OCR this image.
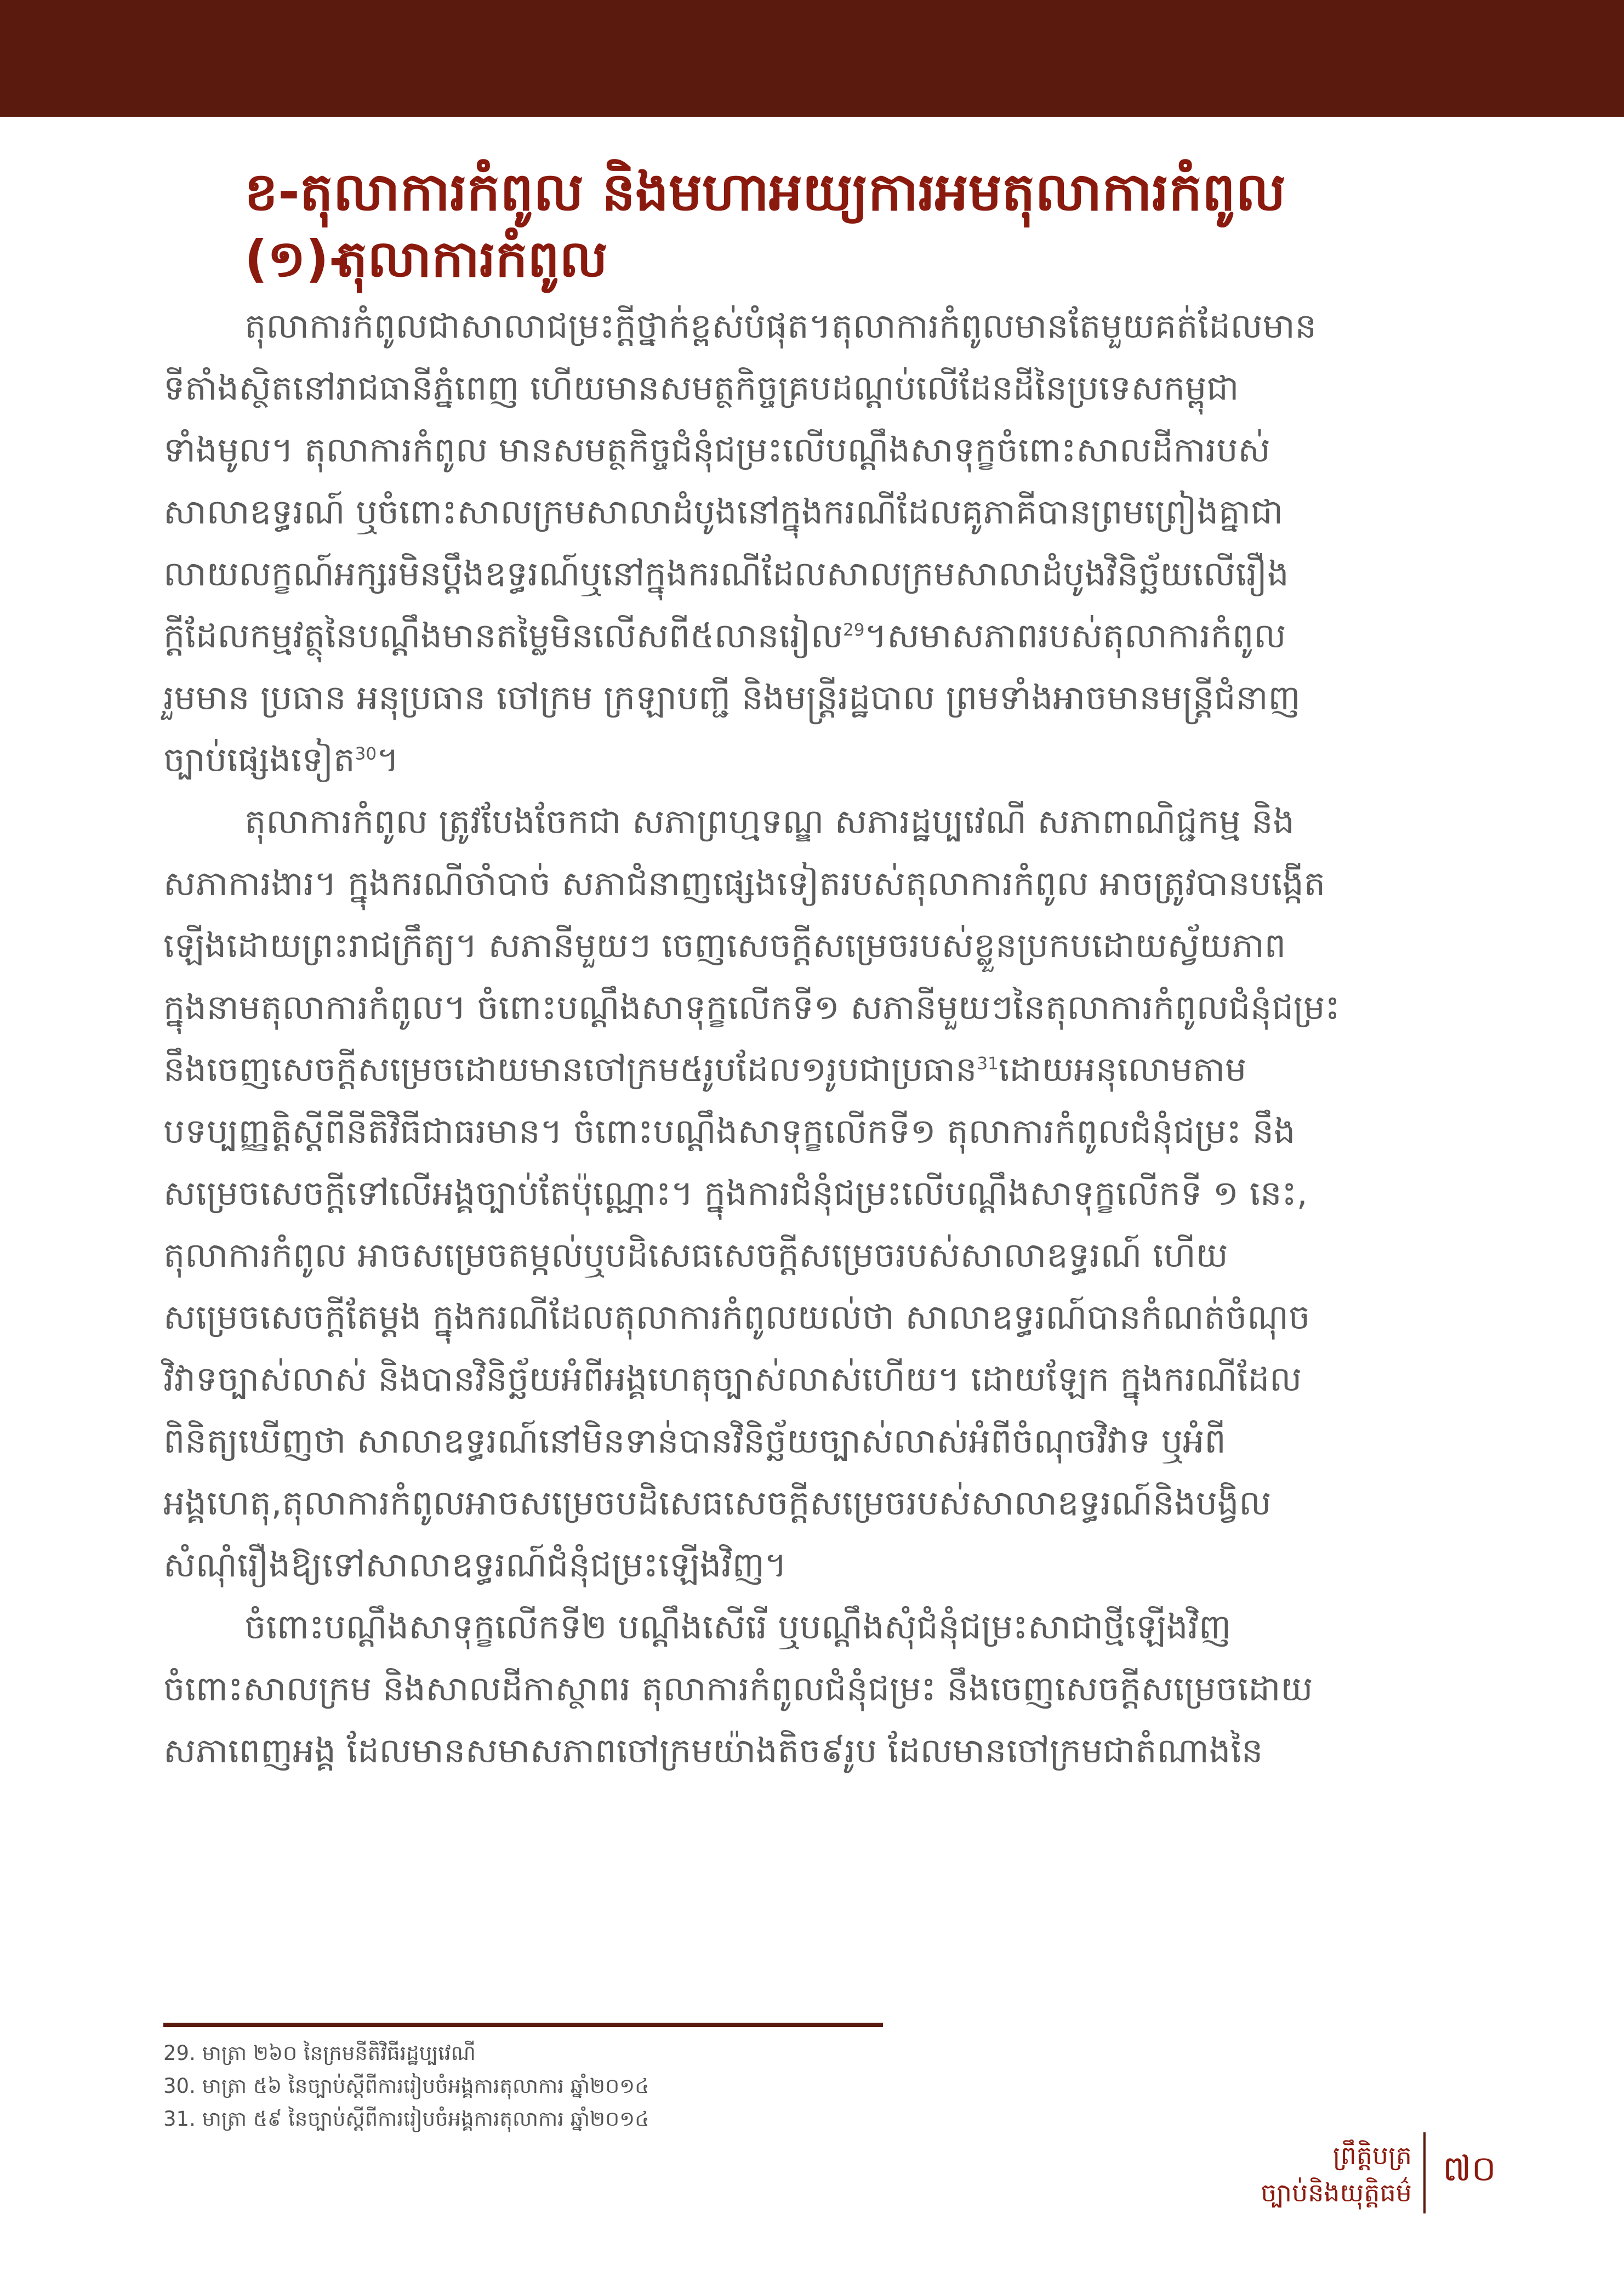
ខ-តុលាការកំពូល និងមហាអយ្យការអមតុលាការកំពូល
(១)-
តុលាការកំពូល
តុលាការកំពូលជាសាលាជម្រះក្តីថ្នាក់ខ្ពស់បំផុត។តុលាការកំពូលមានតែមួយគត់ដែលមាន
ទីតាំងស្ថិតនៅរាជធានីភ្នំពេញ ហើយមានសមត្ថកិច្ចគ្របដណ្តប់លើដែនដីនៃប្រទេសកម្ពុជា
ទាំងមូល។ តុលាការកំពូល មានសមត្ថកិច្ចជំនុំជម្រះលើបណ្តឹងសាទុក្ខចំពោះសាលដីការបស់
សាលាឧទ្ធរណ៍ ឬចំពោះសាលក្រមសាលាដំបូងនៅក្នុងករណីដែលគូភាគីបានព្រមព្រៀងគ្នាជា
លាយលក្ខណ៍អក្សរមិនប្តឹងឧទ្ធរណ៍ឬនៅក្នុងករណីដែលសាលក្រមសាលាដំបូងវិនិច្ឆ័យលើរឿង
ក្តីដែលកម្មវត្ថុនៃបណ្តឹងមានតម្លៃមិនលើសពី៥លានរៀល$^{29}$។សមាសភាពរបស់តុលាការកំពូល
រួមមាន ប្រធាន អនុប្រធាន ចៅក្រម ក្រឡាបញ្ជី និងមន្ត្រីរដ្ឋបាល ព្រមទាំងអាចមានមន្ត្រីជំនាញ
ច្បាប់ផ្សេងទៀត$^{30}$។
តុលាការកំពូល ត្រូវបែងចែកជា សភាព្រហ្មទណ្ឌ សភារដ្ឋប្បវេណី សភាពាណិជ្ជកម្ម និង
សភាការងារ។ ក្នុងករណីចាំបាច់ សភាជំនាញផ្សេងទៀតរបស់តុលាការកំពូល អាចត្រូវបានបង្កើត
ឡើងដោយព្រះរាជក្រឹត្យ។ សភានីមួយៗ ចេញសេចក្តីសម្រេចរបស់ខ្លួនប្រកបដោយស្វ័យភាព
ក្នុងនាមតុលាការកំពូល។ ចំពោះបណ្តឹងសាទុក្ខលើកទី១ សភានីមួយៗនៃតុលាការកំពូលជំនុំជម្រះ
នឹងចេញសេចក្តីសម្រេចដោយមានចៅក្រម៥រូបដែល១រូបជាប្រធាន$^{31}$ដោយអនុលោមតាម
បទប្បញ្ញត្តិស្តីពីនីតិវិធីជាធរមាន។ ចំពោះបណ្តឹងសាទុក្ខលើកទី១ តុលាការកំពូលជំនុំជម្រះ នឹង
សម្រេចសេចក្តីទៅលើអង្គច្បាប់តែប៉ុណ្ណោះ។ ក្នុងការជំនុំជម្រះលើបណ្តឹងសាទុក្ខលើកទី ១ នេះ,
តុលាការកំពូល អាចសម្រេចតម្កល់ឬបដិសេធសេចក្តីសម្រេចរបស់សាលាឧទ្ធរណ៍ ហើយ
សម្រេចសេចក្តីតែម្តង ក្នុងករណីដែលតុលាការកំពូលយល់ថា សាលាឧទ្ធរណ៍បានកំណត់ចំណុច
វិវាទច្បាស់លាស់ និងបានវិនិច្ឆ័យអំពីអង្គហេតុច្បាស់លាស់ហើយ។ ដោយឡែក ក្នុងករណីដែល
ពិនិត្យឃើញថា សាលាឧទ្ធរណ៍នៅមិនទាន់បានវិនិច្ឆ័យច្បាស់លាស់អំពីចំណុចវិវាទ ឬអំពី
អង្គហេតុ,តុលាការកំពូលអាចសម្រេចបដិសេធសេចក្តីសម្រេចរបស់សាលាឧទ្ធរណ៍និងបង្វិល
សំណុំរឿងឱ្យទៅសាលាឧទ្ធរណ៍ជំនុំជម្រះឡើងវិញ។
ចំពោះបណ្តឹងសាទុក្ខលើកទី២ បណ្តឹងសើរើ ឬបណ្តឹងសុំជំនុំជម្រះសាជាថ្មីឡើងវិញ
ចំពោះសាលក្រម និងសាលដីកាស្ថាពរ តុលាការកំពូលជំនុំជម្រះ នឹងចេញសេចក្តីសម្រេចដោយ
សភាពេញអង្គ ដែលមានសមាសភាពចៅក្រមយ៉ាងតិច៩រូប ដែលមានចៅក្រមជាតំណាងនៃ
29. មាត្រា ២៦០ នៃក្រមនីតិវិធីរដ្ឋប្បវេណី
30. មាត្រា ៥៦ នៃច្បាប់ស្តីពីការរៀបចំអង្គការតុលាការ ឆ្នាំ២០១៤
31. មាត្រា ៥៩ នៃច្បាប់ស្តីពីការរៀបចំអង្គការតុលាការ ឆ្នាំ២០១៤
ព្រឹត្តិបត្រ
ច្បាប់និងយុត្តិធម៌
៧០
